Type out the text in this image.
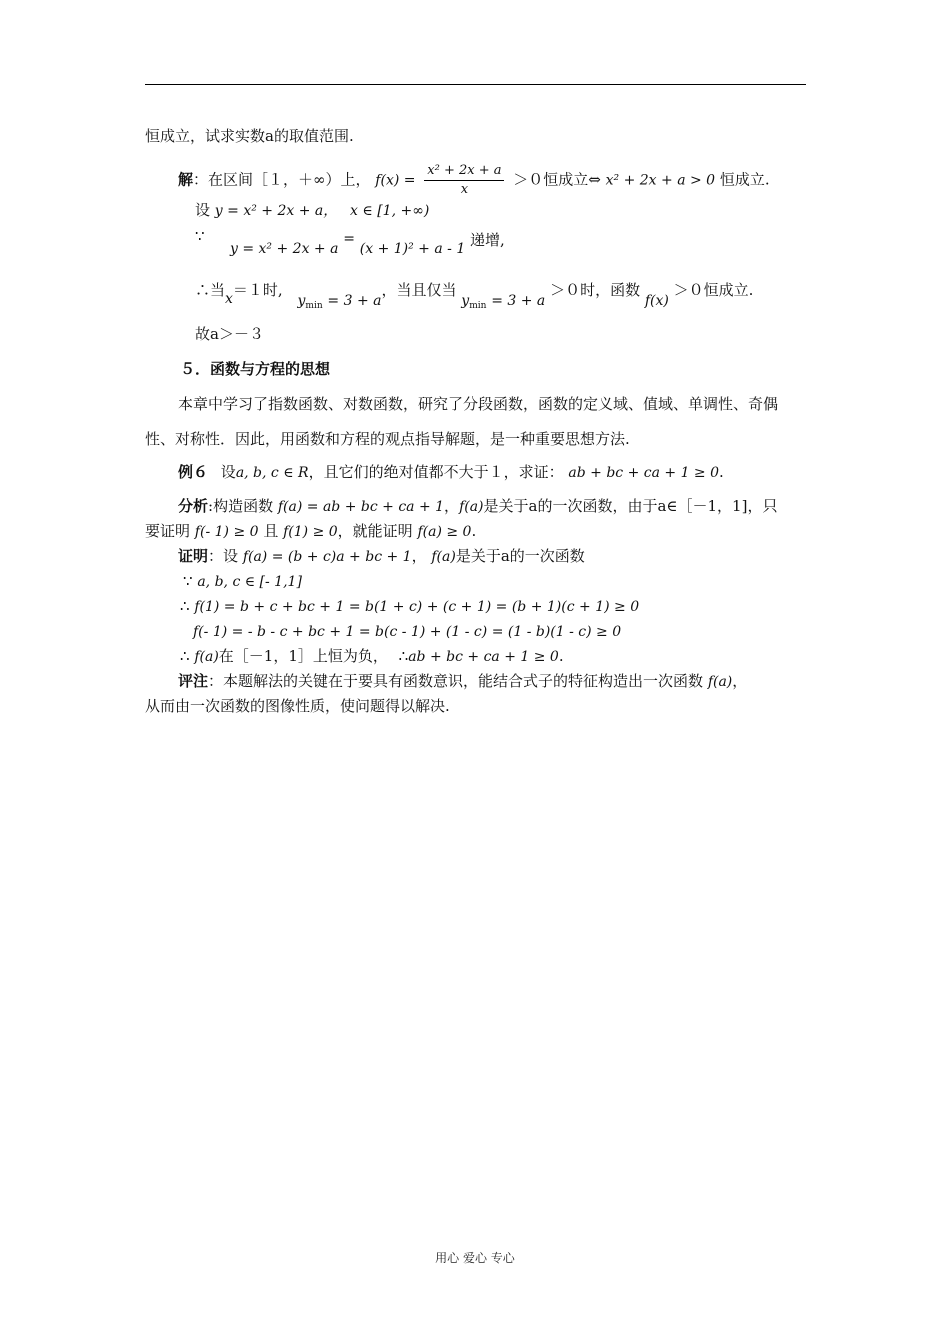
恒成立，试求实数a的取值范围.
解：在区间［１，＋∞）上， $f(x) = \frac{\text{x² + 2x + a}}{x} >0$恒成立⇔ x² + 2x + a > 0 恒成立.
设 y = x² + 2x + a， x ∈ [1, +∞)
∵
y = x² + 2x + a = (x + 1)² + a - 1 递增,
∴当x＝１时, $y_{min} = 3 + a$，当且仅当 $y_{min} = 3 + a >0$时，函数 f(x) ＞０恒成立.
故a＞－３
５．函数与方程的思想
本章中学习了指数函数、对数函数，研究了分段函数，函数的定义域、值域、单调性、奇偶
性、对称性．因此，用函数和方程的观点指导解题，是一种重要思想方法.
例６ 设a, b, c ∈ R，且它们的绝对值都不大于１，求证： ab + bc + ca + 1 ≥ 0.
分析:构造函数 f(a) = ab + bc + ca + 1，f(a)是关于a的一次函数，由于a∈［－1，1]，只
要证明 f(- 1) ≥ 0 且 f(1) ≥ 0，就能证明 f(a) ≥ 0.
证明：设 f(a) = (b + c)a + bc + 1， f(a)是关于a的一次函数
∵ a, b, c ∈ [- 1,1]
∴ f(1) = b + c + bc + 1 = b(1 + c) + (c + 1) = (b + 1)(c + 1) ≥ 0
f(- 1) = - b - c + bc + 1 = b(c - 1) + (1 - c) = (1 - b)(1 - c) ≥ 0
∴ f(a)在［－1，1］上恒为负， ∴ab + bc + ca + 1 ≥ 0.
评注：本题解法的关键在于要具有函数意识，能结合式子的特征构造出一次函数 f(a)，
从而由一次函数的图像性质，使问题得以解决.
用心 爱心 专心
